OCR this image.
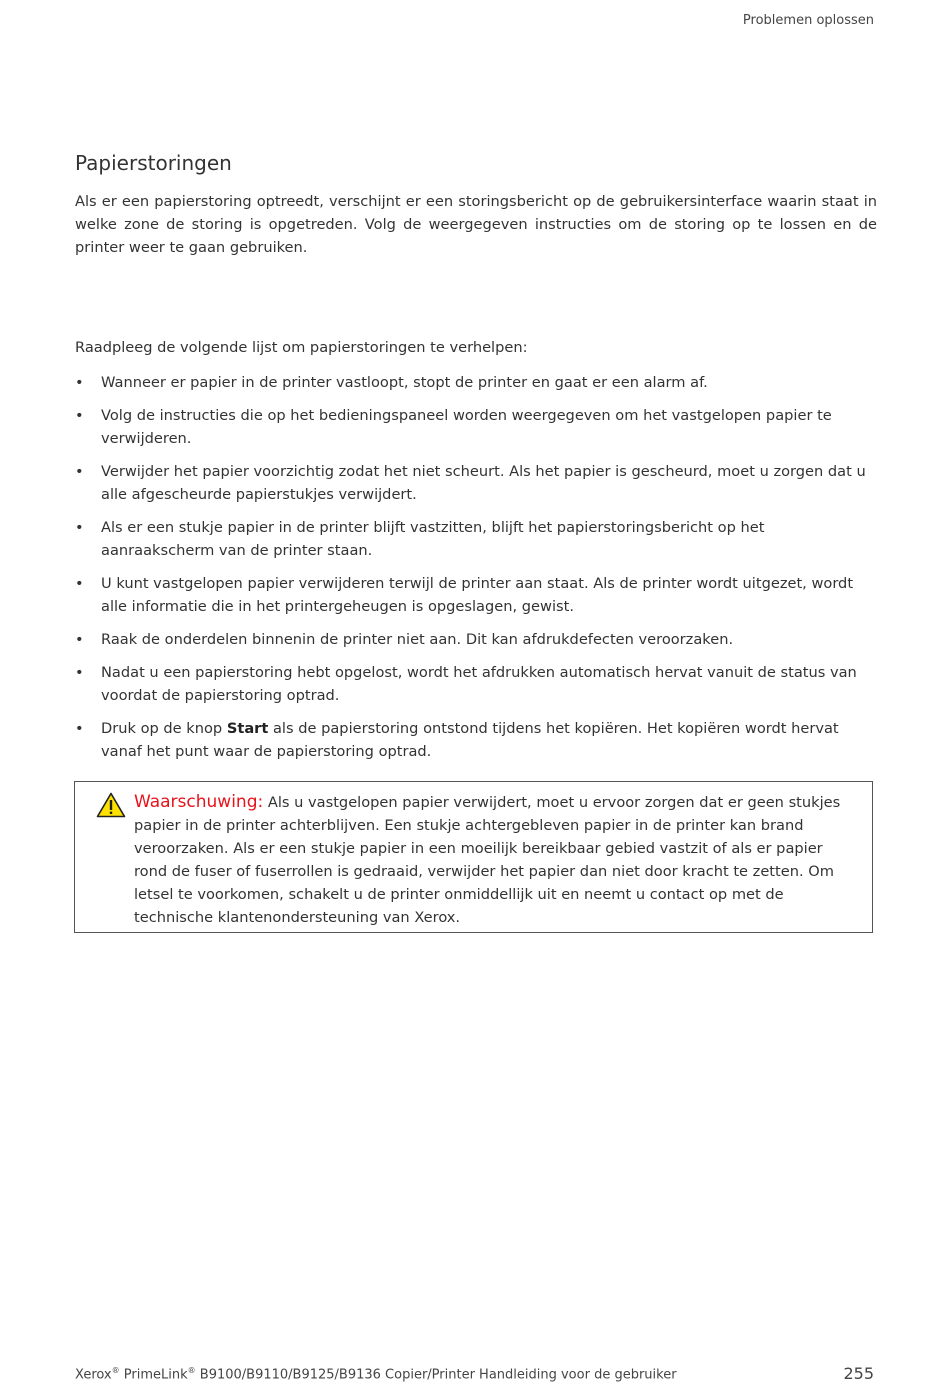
Problemen oplossen
Papierstoringen

Als er een papierstoring optreedt, verschijnt er een storingsbericht op de gebruikersinterface waarin staat in welke zone de storing is opgetreden. Volg de weergegeven instructies om de storing op te lossen en de printer weer te gaan gebruiken.

Raadpleeg de volgende lijst om papierstoringen te verhelpen:

• Wanneer er papier in de printer vastloopt, stopt de printer en gaat er een alarm af.
• Volg de instructies die op het bedieningspaneel worden weergegeven om het vastgelopen papier te verwijderen.
• Verwijder het papier voorzichtig zodat het niet scheurt. Als het papier is gescheurd, moet u zorgen dat u alle afgescheurde papierstukjes verwijdert.
• Als er een stukje papier in de printer blijft vastzitten, blijft het papierstoringsbericht op het aanraakscherm van de printer staan.
• U kunt vastgelopen papier verwijderen terwijl de printer aan staat. Als de printer wordt uitgezet, wordt alle informatie die in het printergeheugen is opgeslagen, gewist.
• Raak de onderdelen binnenin de printer niet aan. Dit kan afdrukdefecten veroorzaken.
• Nadat u een papierstoring hebt opgelost, wordt het afdrukken automatisch hervat vanuit de status van voordat de papierstoring optrad.
• Druk op de knop Start als de papierstoring ontstond tijdens het kopiëren. Het kopiëren wordt hervat vanaf het punt waar de papierstoring optrad.

Waarschuwing: Als u vastgelopen papier verwijdert, moet u ervoor zorgen dat er geen stukjes papier in de printer achterblijven. Een stukje achtergebleven papier in de printer kan brand veroorzaken. Als er een stukje papier in een moeilijk bereikbaar gebied vastzit of als er papier rond de fuser of fuserrollen is gedraaid, verwijder het papier dan niet door kracht te zetten. Om letsel te voorkomen, schakelt u de printer onmiddellijk uit en neemt u contact op met de technische klantenondersteuning van Xerox.

Xerox® PrimeLink® B9100/B9110/B9125/B9136 Copier/Printer Handleiding voor de gebruiker	255
